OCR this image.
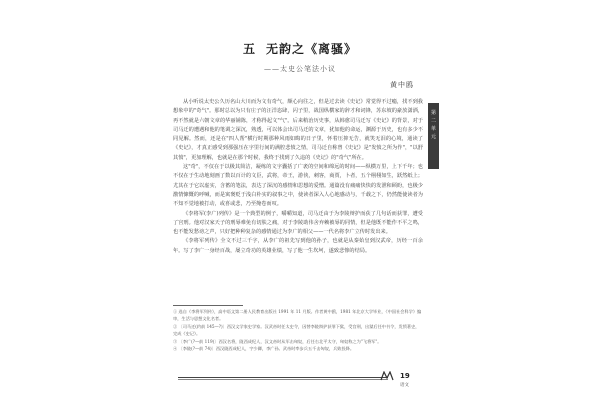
五 无韵之《离骚》
——太史公笔法小议
黄中鸥

从小听说太史公久历名山大川而为文有奇气，颇心向往之，但是过去读《史记》常觉得不过瘾，找不到我想象中的"奇气"。那时总以为只有庄子的汪洋恣肆，闪子里，战国纵横家的辞才和词锋，苏东坡的豪放潇洒，再不然就是六朝文章的华丽铺陈，才称得起文"气"。后来稍治历史事，从韩愈司马迁写《史记》的背景，对于司马迁的遭遇和他的笔调之深沉，熟透，可以体会出司马迁的文章，犹如他的命运，渊源于历史，也有多少不同见解。然而，还是在"四人帮"横行时期那种风雨如晦的日子里，怀着压抑无告，就笑无泪的心境，通读了《史记》，才真正感受到那强压在字里行间的满腔悲愤之情，司马迁自称曾《史记》是"发愤之所为作"，"以舒其愤"，更加理解，也就是在那个时候，我终于找到了久违的《史记》的"奇气"所在。

这"奇"，不仅在于以极其简洁，凝练的文字囊括了广袤的空间和绵远的时间——纵横万里，上下千年；也不仅在于生动地刻画了数以百计的文臣，武将，帝王，游侠，刺客，商贾，卜者，五个栩栩如生，跃然纸上；尤其在于它以虚实，含蓄的笔法，表达了深沉的感情和思想的爱憎。通篇没有痛痛快快的发泄和顾盼，也极少激情慷慨的呼喊，而是寓褒贬于浅白朴实的叙事之中，使读者深入人心地感动与，千载之下，仍然能使读者为不知不觉地被打动，或喜或悲，乃至掩卷而叹。

《李将军(李广)列传》是一个典型的例子，嚼嚼知道，司马迁由于为李陵辩护而获了几句话而获罪，遭受了宫刑。他对汉家天子的刑辱难免有切肤之痛，对于李陵助伟舍弃赖被辱的同情，但是他既不能作不平之鸣，也不能发愁谤之声，只好把种种复杂的感情通过为李广的相父——一代名将李广立传时发出来。

《李将军列传》全文不过三千字，从李广的祖先写到他的孙子，也就是从秦始皇到汉武帝，历经一百余年。写了李广一身经百战，屡立奇功的英雄业绩，写了他一生坎坷，遂致悲惨的结局。

第
二
单
元

① 选自《李将军列传》，高中语文第二册人民教育出版社 1991 年 11 月版。作者黄中鸥，1981 年北京大学毕业，《中国社会科学》编审，生活与思想文化名者。

② 〔司马迁(约前 145—?)〕西汉文学家史学家。汉武帝时任太史令，因替李陵辩护获罪下狱，受宫刑，出狱后任中书令，发愤著史，完成《史记》。

③ 〔李广(?—前 119)〕西汉名将，陇西成纪人，汉文帝时从军击匈奴，后任右北平太守，匈奴称之为"飞将军"。

④ 〔李陵(?—前 74)〕西汉陇西成纪人，字少卿，李广孙。武帝时率步兵五千击匈奴，兵败投降。

19
语文
